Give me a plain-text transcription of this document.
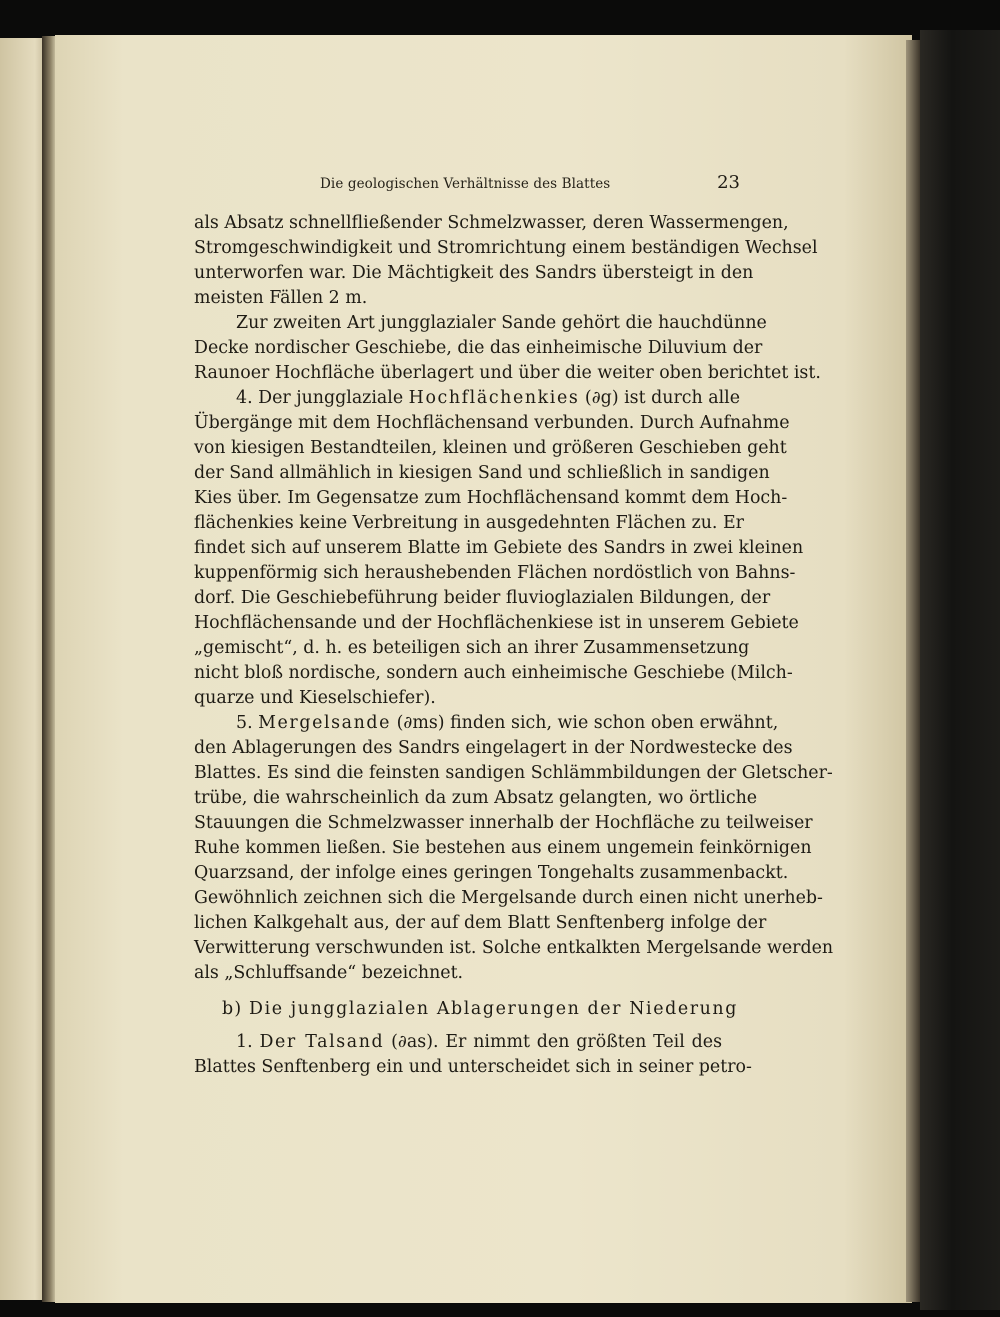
Die geologischen Verhältnisse des Blattes	23
als Absatz schnellfließender Schmelzwasser, deren Wassermengen,
Stromgeschwindigkeit und Stromrichtung einem beständigen Wechsel
unterworfen war. Die Mächtigkeit des Sandrs übersteigt in den
meisten Fällen 2 m.
Zur zweiten Art jungglazialer Sande gehört die hauchdünne
Decke nordischer Geschiebe, die das einheimische Diluvium der
Raunoer Hochfläche überlagert und über die weiter oben berichtet ist.
4. Der jungglaziale Hochflächenkies (∂g) ist durch alle
Übergänge mit dem Hochflächensand verbunden. Durch Aufnahme
von kiesigen Bestandteilen, kleinen und größeren Geschieben geht
der Sand allmählich in kiesigen Sand und schließlich in sandigen
Kies über. Im Gegensatze zum Hochflächensand kommt dem Hoch-
flächenkies keine Verbreitung in ausgedehnten Flächen zu. Er
findet sich auf unserem Blatte im Gebiete des Sandrs in zwei kleinen
kuppenförmig sich heraushebenden Flächen nordöstlich von Bahns-
dorf. Die Geschiebeführung beider fluvioglazialen Bildungen, der
Hochflächensande und der Hochflächenkiese ist in unserem Gebiete
„gemischt“, d. h. es beteiligen sich an ihrer Zusammensetzung
nicht bloß nordische, sondern auch einheimische Geschiebe (Milch-
quarze und Kieselschiefer).
5. Mergelsande (∂ms) finden sich, wie schon oben erwähnt,
den Ablagerungen des Sandrs eingelagert in der Nordwestecke des
Blattes. Es sind die feinsten sandigen Schlämmbildungen der Gletscher-
trübe, die wahrscheinlich da zum Absatz gelangten, wo örtliche
Stauungen die Schmelzwasser innerhalb der Hochfläche zu teilweiser
Ruhe kommen ließen. Sie bestehen aus einem ungemein feinkörnigen
Quarzsand, der infolge eines geringen Tongehalts zusammenbackt.
Gewöhnlich zeichnen sich die Mergelsande durch einen nicht unerheb-
lichen Kalkgehalt aus, der auf dem Blatt Senftenberg infolge der
Verwitterung verschwunden ist. Solche entkalkten Mergelsande werden
als „Schluffsande“ bezeichnet.
b) Die jungglazialen Ablagerungen der Niederung
1. Der Talsand (∂as). Er nimmt den größten Teil des
Blattes Senftenberg ein und unterscheidet sich in seiner petro-
